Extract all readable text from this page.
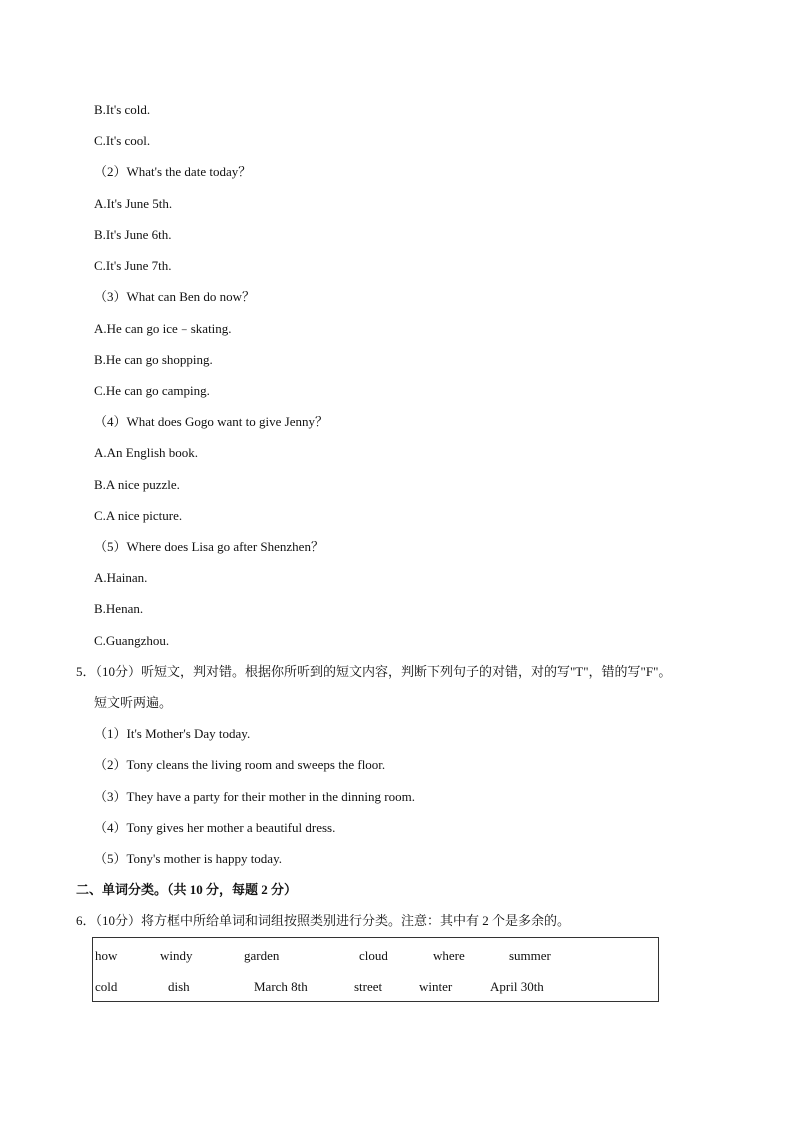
B.It's cold.
C.It's cool.
（2）What's the date today？
A.It's June 5th.
B.It's June 6th.
C.It's June 7th.
（3）What can Ben do now？
A.He can go ice﹣skating.
B.He can go shopping.
C.He can go camping.
（4）What does Gogo want to give Jenny？
A.An English book.
B.A nice puzzle.
C.A nice picture.
（5）Where does Lisa go after Shenzhen？
A.Hainan.
B.Henan.
C.Guangzhou.
5．（10分）听短文，判对错。根据你所听到的短文内容，判断下列句子的对错，对的写"T"，错的写"F"。
短文听两遍。
（1）It's Mother's Day today.
（2）Tony cleans the living room and sweeps the floor.
（3）They have a party for their mother in the dinning room.
（4）Tony gives her mother a beautiful dress.
（5）Tony's mother is happy today.
二、单词分类。（共 10 分，每题 2 分）
6．（10分）将方框中所给单词和词组按照类别进行分类。注意：其中有 2 个是多余的。
how	windy	garden	cloud	where	summer
cold	dish	March 8th	street	winter	April 30th
